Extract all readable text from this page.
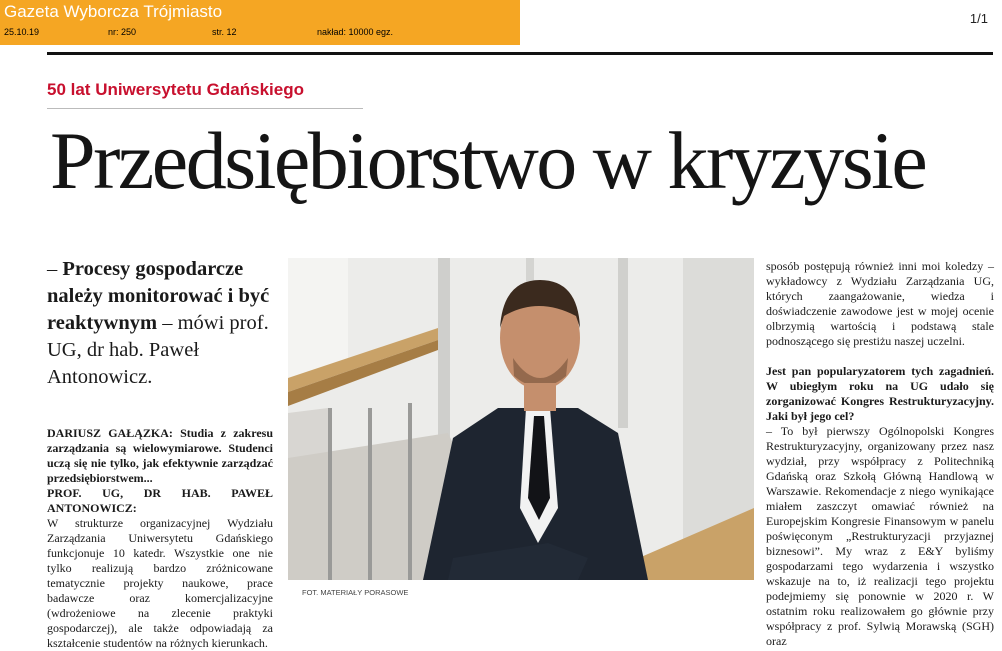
Gazeta Wyborcza Trójmiasto
25.10.19	nr: 250	str. 12	nakład: 10000 egz.
1/1
50 lat Uniwersytetu Gdańskiego
Przedsiębiorstwo w kryzysie
– Procesy gospodarcze należy monitorować i być reaktywnym – mówi prof. UG, dr hab. Paweł Antonowicz.

DARIUSZ GAŁĄZKA: Studia z zakresu zarządzania są wielowymiarowe. Studenci uczą się nie tylko, jak efektywnie zarządzać przedsiębiorstwem...

PROF. UG, DR HAB. PAWEŁ ANTONOWICZ:
W strukturze organizacyjnej Wydziału Zarządzania Uniwersytetu Gdańskiego funkcjonuje 10 katedr. Wszystkie one nie tylko realizują bardzo zróżnicowane tematycznie projekty naukowe, prace badawcze oraz komercjalizacyjne (wdrożeniowe na zlecenie praktyki gospodarczej), ale także odpowiadają za kształcenie studentów na różnych kierunkach.

FOT. MATERIAŁY PORASOWE

sposób postępują również inni moi koledzy – wykładowcy z Wydziału Zarządzania UG, których zaangażowanie, wiedza i doświadczenie zawodowe jest w mojej ocenie olbrzymią wartością i podstawą stale podnoszącego się prestiżu naszej uczelni.

Jest pan popularyzatorem tych zagadnień. W ubiegłym roku na UG udało się zorganizować Kongres Restrukturyzacyjny. Jaki był jego cel?

– To był pierwszy Ogólnopolski Kongres Restrukturyzacyjny, organizowany przez nasz wydział, przy współpracy z Politechniką Gdańską oraz Szkołą Główną Handlową w Warszawie. Rekomendacje z niego wynikające miałem zaszczyt omawiać również na Europejskim Kongresie Finansowym w panelu poświęconym „Restrukturyzacji przyjaznej biznesowi”. My wraz z E&Y byliśmy gospodarzami tego wydarzenia i wszystko wskazuje na to, iż realizacji tego projektu podejmiemy się ponownie w 2020 r. W ostatnim roku realizowałem go głównie przy współpracy z prof. Sylwią Morawską (SGH) oraz
